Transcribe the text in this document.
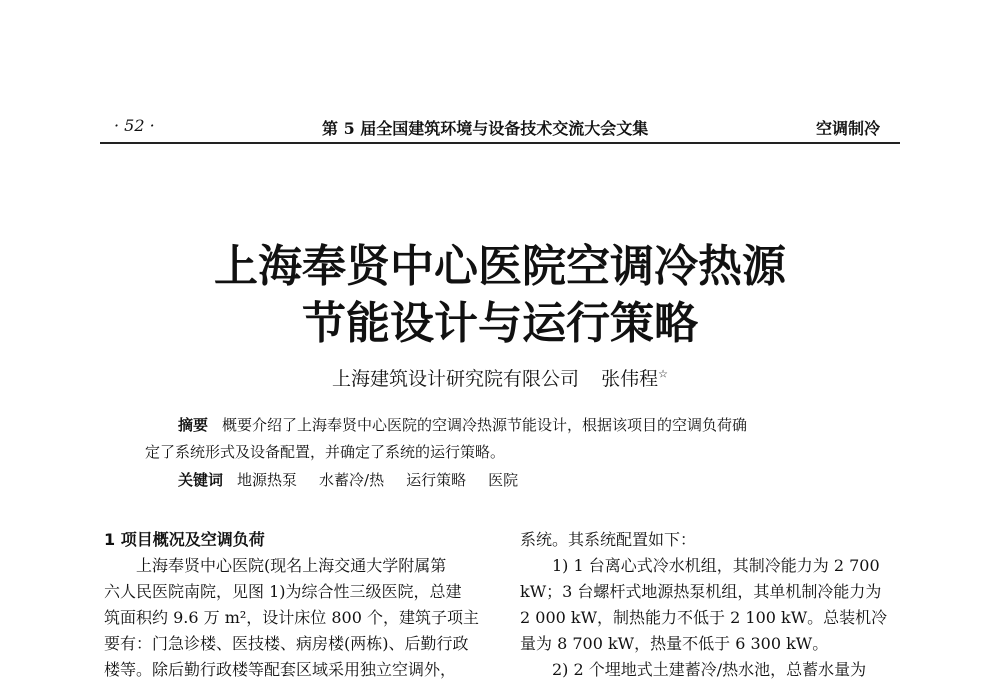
· 52 ·	第 5 届全国建筑环境与设备技术交流大会文集	空调制冷
上海奉贤中心医院空调冷热源
节能设计与运行策略
上海建筑设计研究院有限公司 张伟程☆
摘要 概要介绍了上海奉贤中心医院的空调冷热源节能设计，根据该项目的空调负荷确
定了系统形式及设备配置，并确定了系统的运行策略。
关键词 地源热泵 水蓄冷/热 运行策略 医院

1 项目概况及空调负荷

上海奉贤中心医院(现名上海交通大学附属第

六人民医院南院，见图 1)为综合性三级医院，总建

筑面积约 9.6 万 m²，设计床位 800 个，建筑子项主

要有：门急诊楼、医技楼、病房楼(两栋)、后勤行政

楼等。除后勤行政楼等配套区域采用独立空调外，

系统。其系统配置如下：

1) 1 台离心式冷水机组，其制冷能力为 2 700

kW；3 台螺杆式地源热泵机组，其单机制冷能力为

2 000 kW，制热能力不低于 2 100 kW。总装机冷

量为 8 700 kW，热量不低于 6 300 kW。

2) 2 个埋地式土建蓄冷/热水池，总蓄水量为
